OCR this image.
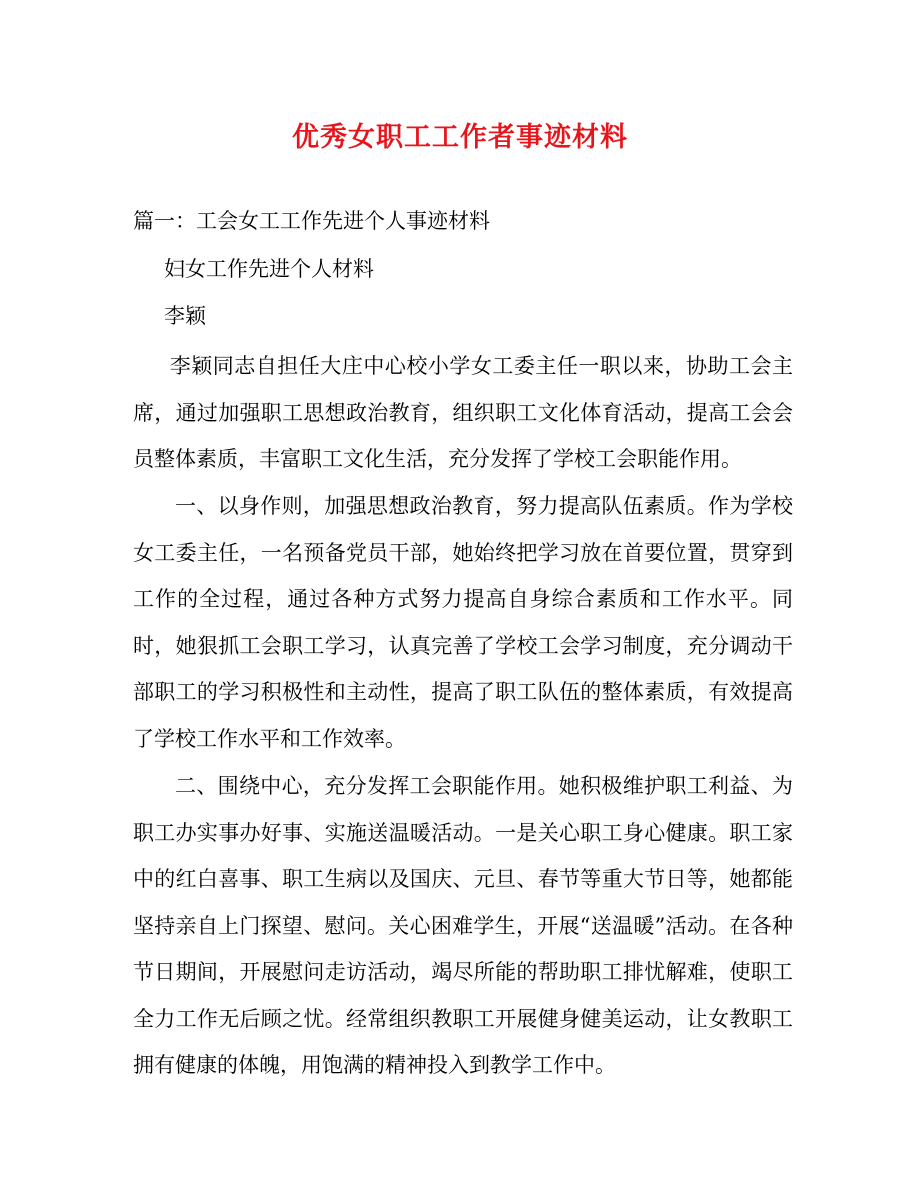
优秀女职工工作者事迹材料
篇一：工会女工工作先进个人事迹材料
妇女工作先进个人材料
李颖

李颖同志自担任大庄中心校小学女工委主任一职以来，协助工会主席，通过加强职工思想政治教育，组织职工文化体育活动，提高工会会员整体素质，丰富职工文化生活，充分发挥了学校工会职能作用。

一、以身作则，加强思想政治教育，努力提高队伍素质。作为学校女工委主任，一名预备党员干部，她始终把学习放在首要位置，贯穿到工作的全过程，通过各种方式努力提高自身综合素质和工作水平。同时，她狠抓工会职工学习，认真完善了学校工会学习制度，充分调动干部职工的学习积极性和主动性，提高了职工队伍的整体素质，有效提高了学校工作水平和工作效率。

二、围绕中心，充分发挥工会职能作用。她积极维护职工利益、为职工办实事办好事、实施送温暖活动。一是关心职工身心健康。职工家中的红白喜事、职工生病以及国庆、元旦、春节等重大节日等，她都能坚持亲自上门探望、慰问。关心困难学生，开展“送温暖”活动。在各种节日期间，开展慰问走访活动，竭尽所能的帮助职工排忧解难，使职工全力工作无后顾之忧。经常组织教职工开展健身健美运动，让女教职工拥有健康的体魄，用饱满的精神投入到教学工作中。
